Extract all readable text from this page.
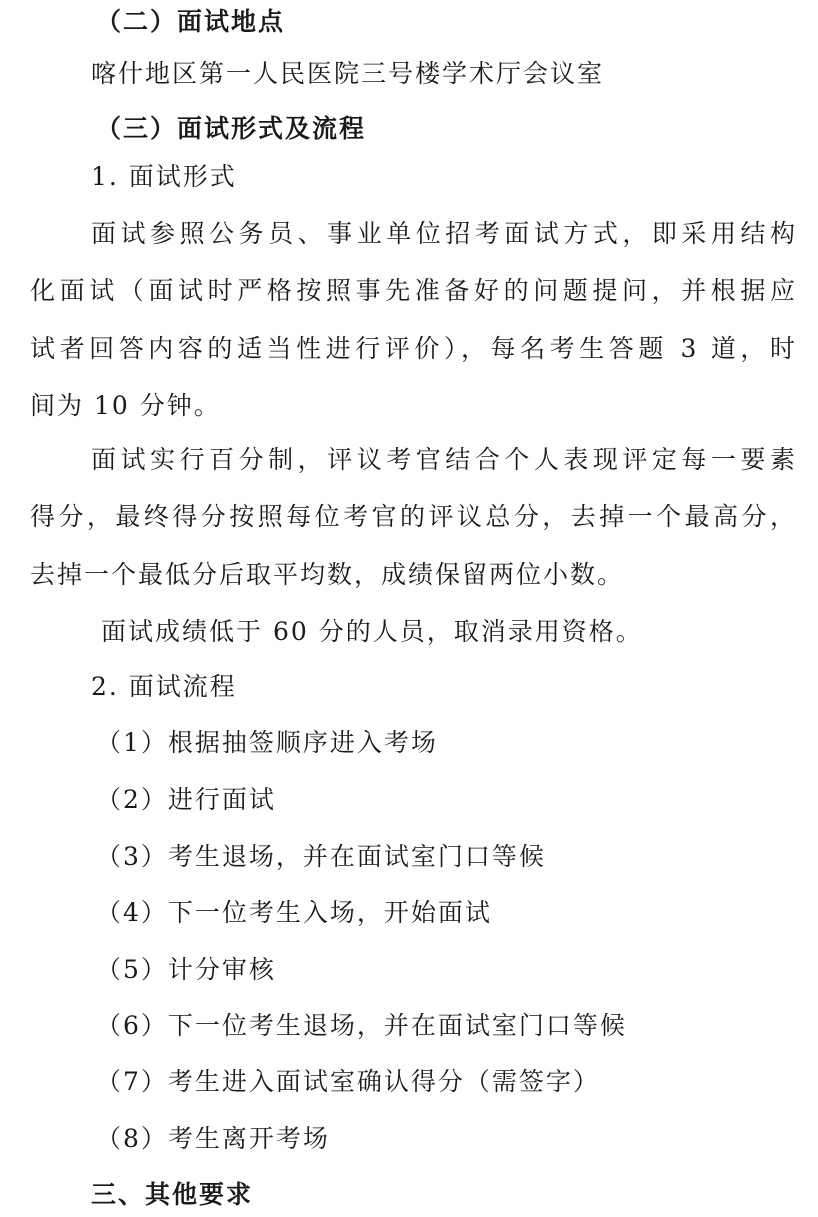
（二）面试地点
喀什地区第一人民医院三号楼学术厅会议室
（三）面试形式及流程
1. 面试形式
面试参照公务员、事业单位招考面试方式，即采用结构
化面试（面试时严格按照事先准备好的问题提问，并根据应
试者回答内容的适当性进行评价），每名考生答题 3 道，时
间为 10 分钟。
面试实行百分制，评议考官结合个人表现评定每一要素
得分，最终得分按照每位考官的评议总分，去掉一个最高分，
去掉一个最低分后取平均数，成绩保留两位小数。
面试成绩低于 60 分的人员，取消录用资格。
2. 面试流程
（1）根据抽签顺序进入考场
（2）进行面试
（3）考生退场，并在面试室门口等候
（4）下一位考生入场，开始面试
（5）计分审核
（6）下一位考生退场，并在面试室门口等候
（7）考生进入面试室确认得分（需签字）
（8）考生离开考场
三、其他要求
